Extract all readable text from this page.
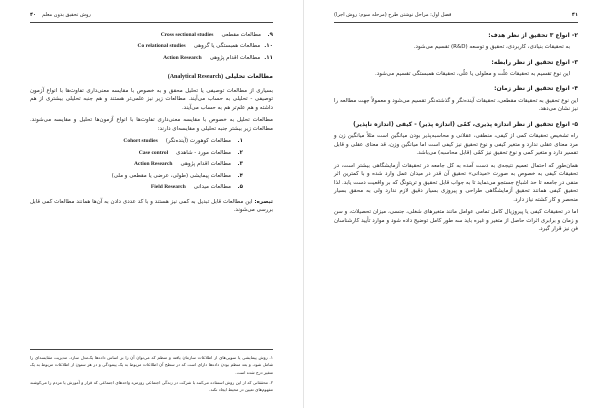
روش تحقیق بدون معلم
۴۰
۹.
مطالعات مقطعی
Cross sectional studies
۱۰.
مطالعات همبستگی یا گروهی
Co relational studies
۱۱.
مطالعات اقدام پژوهی
Action Research
مطالعات تحلیلی (Analytical Research)

بسیاری از مطالعات توصیفی یا تحلیل محقق و به خصوص با مقایسه معنی‌داری تفاوت‌ها با انواع آزمون توصیفی - تحلیلی به حساب می‌آیند. مطالعات زیر نیز علمی‌تر هستند و هم جنبه تحلیلی بیشتری از هم داشته و هم علم‌تر هم به حساب می‌آیند.

مطالعات تحلیل به خصوص با مقایسه معنی‌داری تفاوت‌ها با انواع آزمون‌ها تحلیل و مقایسه می‌شوند. مطالعات زیر بیشتر جنبه تحلیلی و مقایسه‌ای دارند:

۱.
مطالعات کوهورت (آینده‌نگر)
Cohort studies
۲.
مطالعات مورد - شاهدی
Case control
۳.
مطالعات اقدام پژوهی
Action Research
۴.
مطالعات پیمایشی (طولی، عرضی یا مقطعی و ملی)
۵.
مطالعات میدانی
Field Research

تبصره: این مطالعات قابل تبدیل به کمی نیز هستند و با کد عددی دادن به آن‌ها همانند مطالعات کمی قابل بررسی می‌شوند.

۱. روش پیمایشی یا سوپی‌های از اطلاعات سازمان یافته و منظم که می‌توان آن را بر اساس داده‌ها یک‌مدل سازد. مدیریت مقایسه‌ای را شامل شود، و بعد منظم بودن داده‌ها دارای است که در سطح آن اطلاعات مربوط به یک پیمودگی و در هر ستون از اطلاعات مربوط به یک متغیر درج شده است.
۲. محققانی که از این روش استفاده می‌کنند با شرکت در زندگی اجتماعی روزمره واحدهای اجتماعی که قرار و آموزش یا مردم را می‌کوشند مفهوم‌های تعیین در محیط ایجاد نکند.
۴۱
فصل اول: مراحل نوشتن طرح (مرحله سوم: روش اجرا)
۲- انواع ۳ تحقیق از نظر هدف:
به تحقیقات بنیادی، کاربردی، تحقیق و توسعه (R&D) تقسیم می‌شود.
۳- انواع تحقیق از نظر رابطه:
این نوع تقسیم به تحقیقات علّت و معلولی یا علّی، تحقیقات همبستگی تقسیم می‌شود.
۴- انواع تحقیق از نظر زمان:
این نوع تحقیق به تحقیقات مقطعی، تحقیقات آینده‌نگر و گذشته‌نگر تقسیم می‌شود و معمولاً جهت مطالعه را نیز نشان می‌دهد.
۵- انواع تحقیق از نظر اندازه پذیری، کمّی (اندازه پذیر) - کیفی (اندازه ناپذیر)
راه تشخیص تحقیقات کمی از کیفی، منطقی، عقلانی و محاسبه‌پذیر بودن میانگین است مثلاً میانگین زن و مرد معنای عقلی ندارد و متغیر کیفی و نوع تحقیق نیز کیفی است اما میانگین وزن، قد معنای عقلی و قابل تفسیر دارد و متغیر کمی و نوع تحقیق نیز کمّی (قابل محاسبه) می‌باشد.
همان‌طور که احتمال تعمیم نتیجه‌ی به دست آمده به کل جامعه در تحقیقات آزمایشگاهی بیشتر است، در تحقیقات کیفی به خصوص به صورت «میدانی» تحقیق آن قدر در میدان عمل وارد شده و با کمترین اثر منفی در جامعه تا حد اشباع جستجو می‌نماید تا به جواب قابل تحقیق و تریتونگ که بر واقعیت دست یابد. لذا تحقیق کیفی همانند تحقیق آزمایشگاهی طراحی و پیروزی بسیار دقیق لازم ندارد ولی به محقق بسیار منحصر و کار کشته نیاز دارد.
اما در تحقیقات کیفی یا پیروزیال کامل تمامی عوامل مانند متغیرهای شغلی، جنسی، میزان تحصیلات، و سن و زمان و برابری اثرات حاصل از متغیر و غیره باید سه طور کامل توضیح داده شود و موارد تأیید کارشناسان فن نیز قرار گیرد.
